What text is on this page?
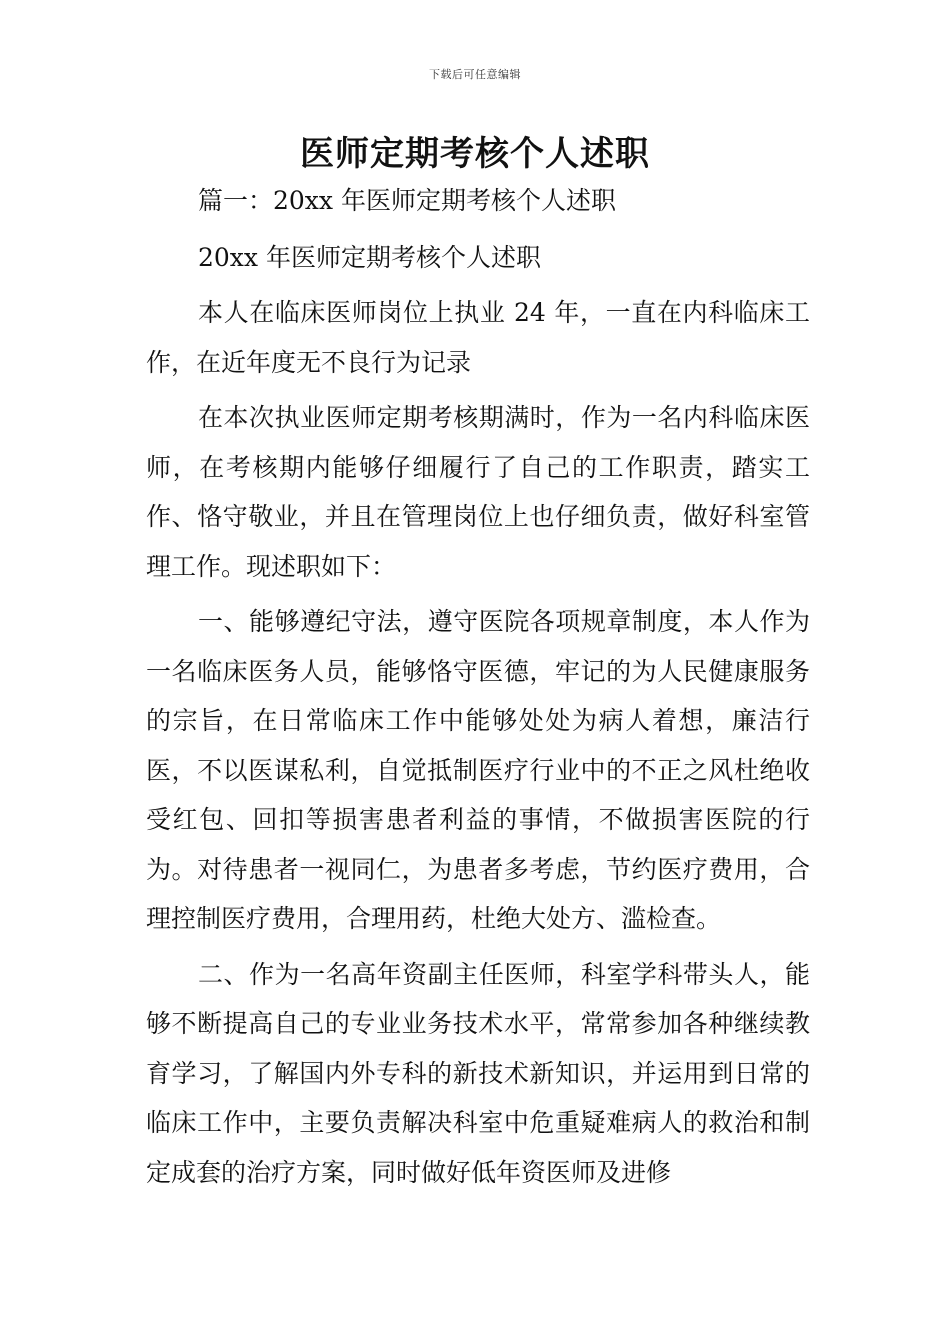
下载后可任意编辑
医师定期考核个人述职

篇一：20xx 年医师定期考核个人述职

20xx 年医师定期考核个人述职

本人在临床医师岗位上执业 24 年，一直在内科临床工作，在近年度无不良行为记录

在本次执业医师定期考核期满时，作为一名内科临床医师，在考核期内能够仔细履行了自己的工作职责，踏实工作、恪守敬业，并且在管理岗位上也仔细负责，做好科室管理工作。现述职如下：

一、能够遵纪守法，遵守医院各项规章制度，本人作为一名临床医务人员，能够恪守医德，牢记的为人民健康服务的宗旨，在日常临床工作中能够处处为病人着想，廉洁行医，不以医谋私利，自觉抵制医疗行业中的不正之风杜绝收受红包、回扣等损害患者利益的事情，不做损害医院的行为。对待患者一视同仁，为患者多考虑，节约医疗费用，合理控制医疗费用，合理用药，杜绝大处方、滥检查。

二、作为一名高年资副主任医师，科室学科带头人，能够不断提高自己的专业业务技术水平，常常参加各种继续教育学习，了解国内外专科的新技术新知识，并运用到日常的临床工作中，主要负责解决科室中危重疑难病人的救治和制定成套的治疗方案，同时做好低年资医师及进修
